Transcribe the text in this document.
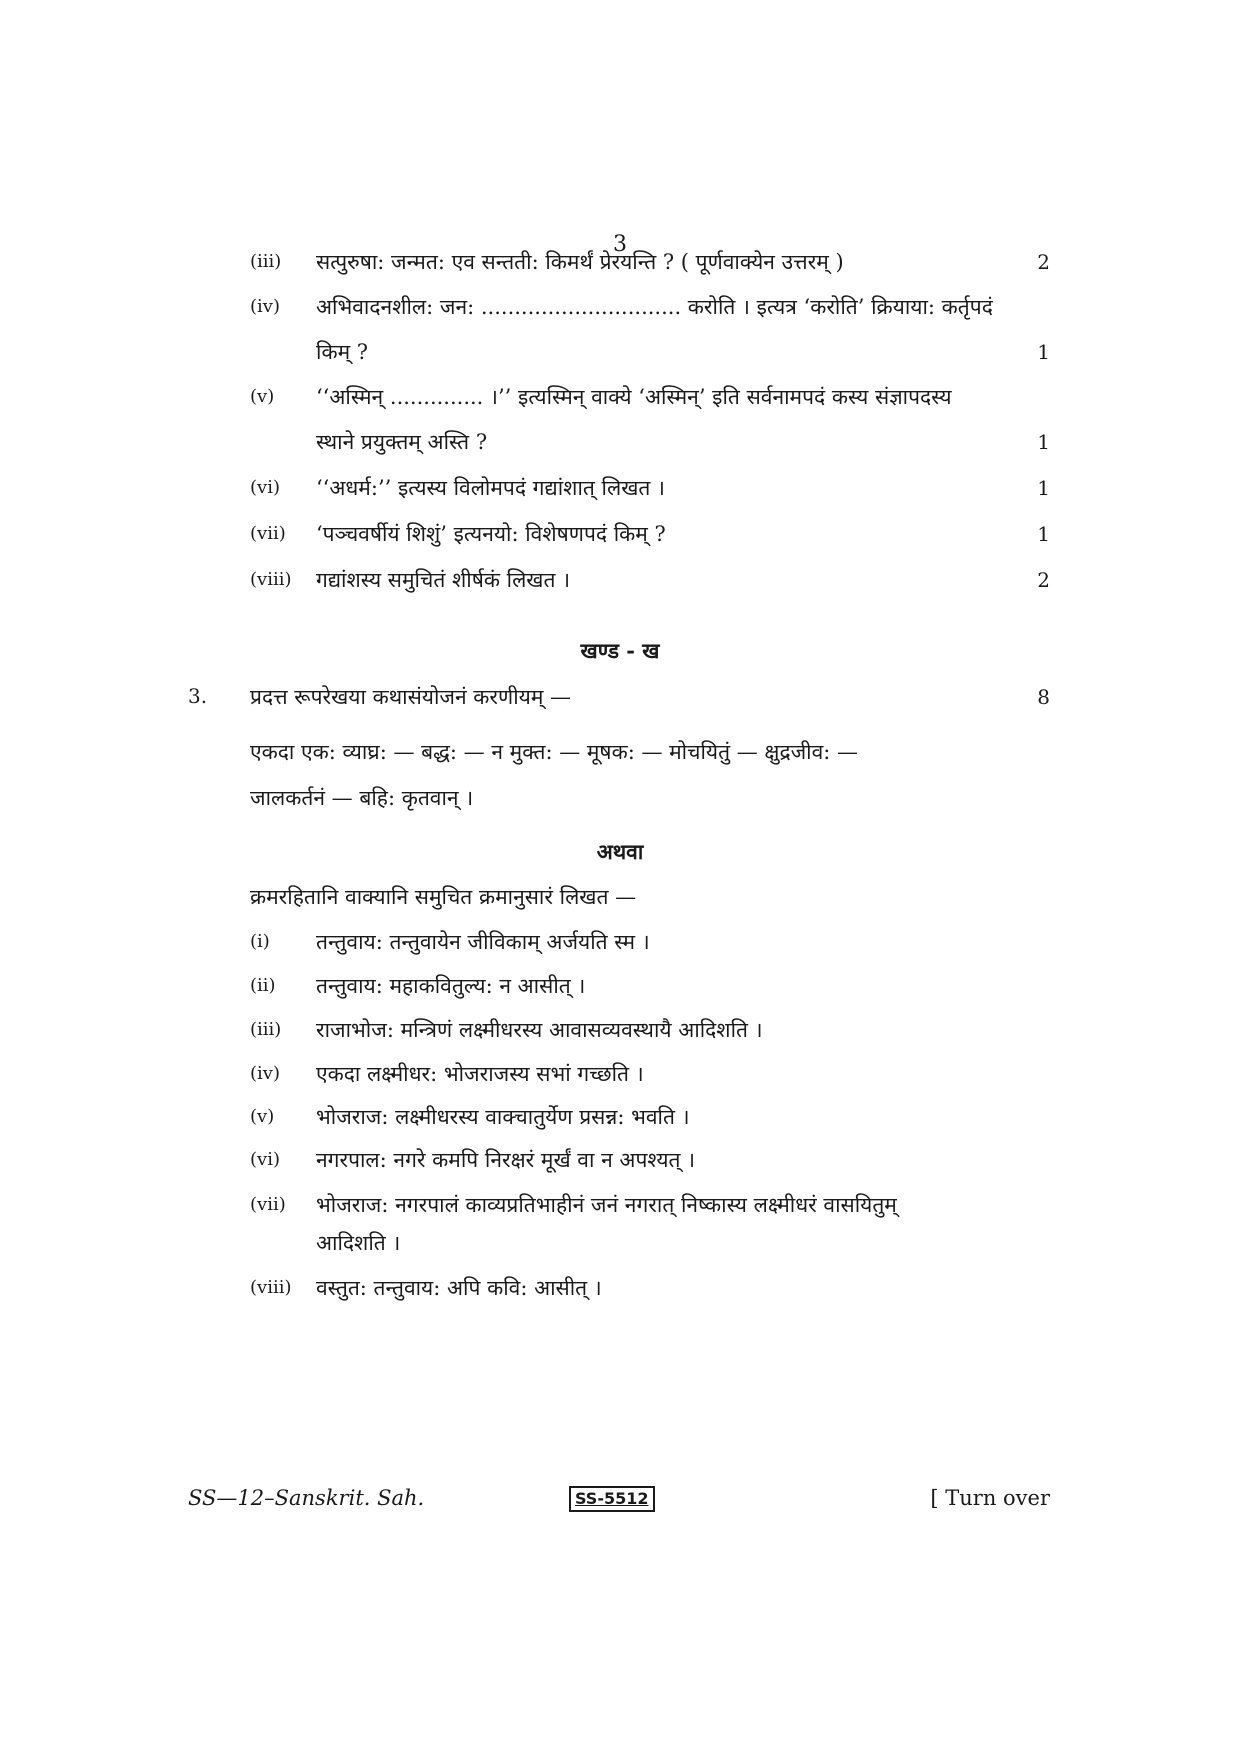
3
(iii)	सत्पुरुषा: जन्मत: एव सन्तती: किमर्थं प्रेरयन्ति ? ( पूर्णवाक्येन उत्तरम् )	2
(iv)	अभिवादनशील: जन: .............................. करोति । इत्यत्र ‘करोति’ क्रियाया: कर्तृपदं
किम् ?	1
(v)	‘‘अस्मिन् .............. ।’’ इत्यस्मिन् वाक्ये ‘अस्मिन्’ इति सर्वनामपदं कस्य संज्ञापदस्य
स्थाने प्रयुक्तम् अस्ति ?	1
(vi)	‘‘अधर्म:’’ इत्यस्य विलोमपदं गद्यांशात् लिखत ।	1
(vii)	‘पञ्चवर्षीयं शिशुं’ इत्यनयो: विशेषणपदं किम् ?	1
(viii)	गद्यांशस्य समुचितं शीर्षकं लिखत ।	2
खण्ड - ख
3. प्रदत्त रूपरेखया कथासंयोजनं करणीयम् —	8
एकदा एक: व्याघ्र: — बद्ध: — न मुक्त: — मूषक: — मोचयितुं — क्षुद्रजीव: —
जालकर्तनं — बहि: कृतवान् ।
अथवा
क्रमरहितानि वाक्यानि समुचित क्रमानुसारं लिखत —
(i)	तन्तुवाय: तन्तुवायेन जीविकाम् अर्जयति स्म ।
(ii)	तन्तुवाय: महाकवितुल्य: न आसीत् ।
(iii)	राजाभोज: मन्त्रिणं लक्ष्मीधरस्य आवासव्यवस्थायै आदिशति ।
(iv)	एकदा लक्ष्मीधर: भोजराजस्य सभां गच्छति ।
(v)	भोजराज: लक्ष्मीधरस्य वाक्चातुर्येण प्रसन्न: भवति ।
(vi)	नगरपाल: नगरे कमपि निरक्षरं मूर्खं वा न अपश्यत् ।
(vii)	भोजराज: नगरपालं काव्यप्रतिभाहीनं जनं नगरात् निष्कास्य लक्ष्मीधरं वासयितुम्
आदिशति ।
(viii)	वस्तुत: तन्तुवाय: अपि कवि: आसीत् ।
SS—12–Sanskrit. Sah.	SS-5512	[ Turn over
